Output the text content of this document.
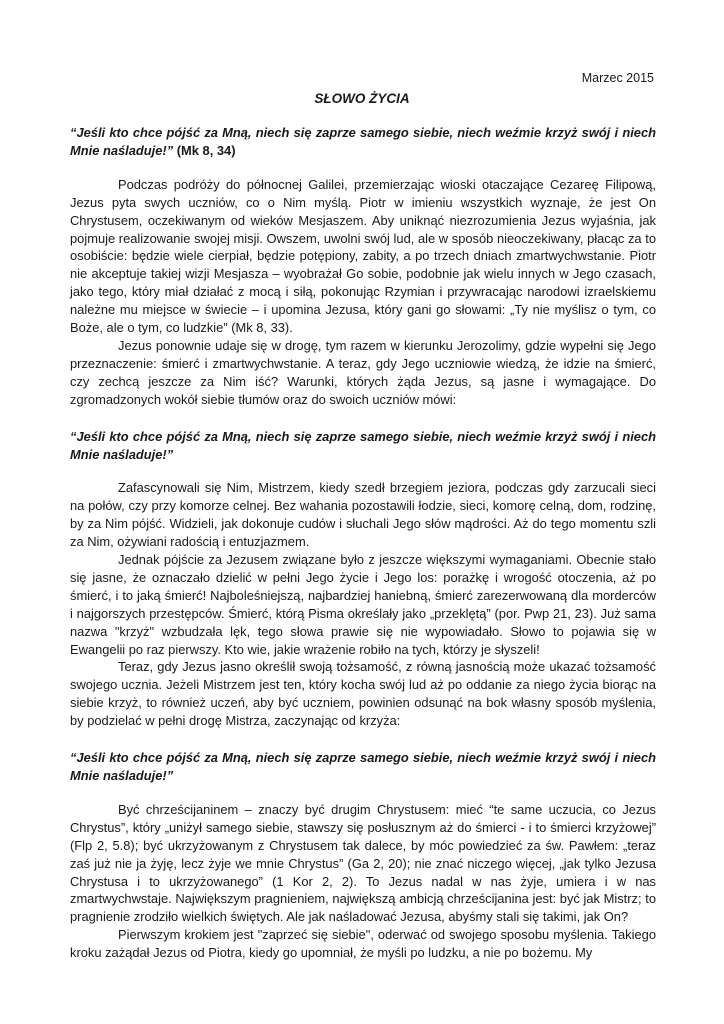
Marzec 2015
SŁOWO ŻYCIA

“Jeśli kto chce pójść za Mną, niech się zaprze samego siebie, niech weźmie krzyż swój i niech Mnie naśladuje!” (Mk 8, 34)

Podczas podróży do północnej Galilei, przemierzając wioski otaczające Cezareę Filipową, Jezus pyta swych uczniów, co o Nim myślą. Piotr w imieniu wszystkich wyznaje, że jest On Chrystusem, oczekiwanym od wieków Mesjaszem. Aby uniknąć niezrozumienia Jezus wyjaśnia, jak pojmuje realizowanie swojej misji. Owszem, uwolni swój lud, ale w sposób nieoczekiwany, płacąc za to osobiście: będzie wiele cierpiał, będzie potępiony, zabity, a po trzech dniach zmartwychwstanie. Piotr nie akceptuje takiej wizji Mesjasza – wyobrażał Go sobie, podobnie jak wielu innych w Jego czasach, jako tego, który miał działać z mocą i siłą, pokonując Rzymian i przywracając narodowi izraelskiemu należne mu miejsce w świecie – i upomina Jezusa, który gani go słowami: „Ty nie myślisz o tym, co Boże, ale o tym, co ludzkie” (Mk 8, 33).

Jezus ponownie udaje się w drogę, tym razem w kierunku Jerozolimy, gdzie wypełni się Jego przeznaczenie: śmierć i zmartwychwstanie. A teraz, gdy Jego uczniowie wiedzą, że idzie na śmierć, czy zechcą jeszcze za Nim iść? Warunki, których żąda Jezus, są jasne i wymagające. Do zgromadzonych wokół siebie tłumów oraz do swoich uczniów mówi:

“Jeśli kto chce pójść za Mną, niech się zaprze samego siebie, niech weźmie krzyż swój i niech Mnie naśladuje!”

Zafascynowali się Nim, Mistrzem, kiedy szedł brzegiem jeziora, podczas gdy zarzucali sieci na połów, czy przy komorze celnej. Bez wahania pozostawili łodzie, sieci, komorę celną, dom, rodzinę, by za Nim pójść. Widzieli, jak dokonuje cudów i słuchali Jego słów mądrości. Aż do tego momentu szli za Nim, ożywiani radością i entuzjazmem.

Jednak pójście za Jezusem związane było z jeszcze większymi wymaganiami. Obecnie stało się jasne, że oznaczało dzielić w pełni Jego życie i Jego los: porażkę i wrogość otoczenia, aż po śmierć, i to jaką śmierć! Najboleśniejszą, najbardziej haniebną, śmierć zarezerwowaną dla morderców i najgorszych przestępców. Śmierć, którą Pisma określały jako „przeklętą” (por. Pwp 21, 23). Już sama nazwa "krzyż" wzbudzała lęk, tego słowa prawie się nie wypowiadało. Słowo to pojawia się w Ewangelii po raz pierwszy. Kto wie, jakie wrażenie robiło na tych, którzy je słyszeli!

Teraz, gdy Jezus jasno określił swoją tożsamość, z równą jasnością może ukazać tożsamość swojego ucznia. Jeżeli Mistrzem jest ten, który kocha swój lud aż po oddanie za niego życia biorąc na siebie krzyż, to również uczeń, aby być uczniem, powinien odsunąć na bok własny sposób myślenia, by podzielać w pełni drogę Mistrza, zaczynając od krzyża:

“Jeśli kto chce pójść za Mną, niech się zaprze samego siebie, niech weźmie krzyż swój i niech Mnie naśladuje!”

Być chrześcijaninem – znaczy być drugim Chrystusem: mieć “te same uczucia, co Jezus Chrystus”, który „uniżył samego siebie, stawszy się posłusznym aż do śmierci - i to śmierci krzyżowej” (Flp 2, 5.8); być ukrzyżowanym z Chrystusem tak dalece, by móc powiedzieć za św. Pawłem: „teraz zaś już nie ja żyję, lecz żyje we mnie Chrystus” (Ga 2, 20); nie znać niczego więcej, „jak tylko Jezusa Chrystusa i to ukrzyżowanego” (1 Kor 2, 2). To Jezus nadal w nas żyje, umiera i w nas zmartwychwstaje. Największym pragnieniem, największą ambicją chrześcijanina jest: być jak Mistrz; to pragnienie zrodziło wielkich świętych. Ale jak naśladować Jezusa, abyśmy stali się takimi, jak On?

Pierwszym krokiem jest "zaprzeć się siebie", oderwać od swojego sposobu myślenia. Takiego kroku zażądał Jezus od Piotra, kiedy go upomniał, że myśli po ludzku, a nie po bożemu. My
